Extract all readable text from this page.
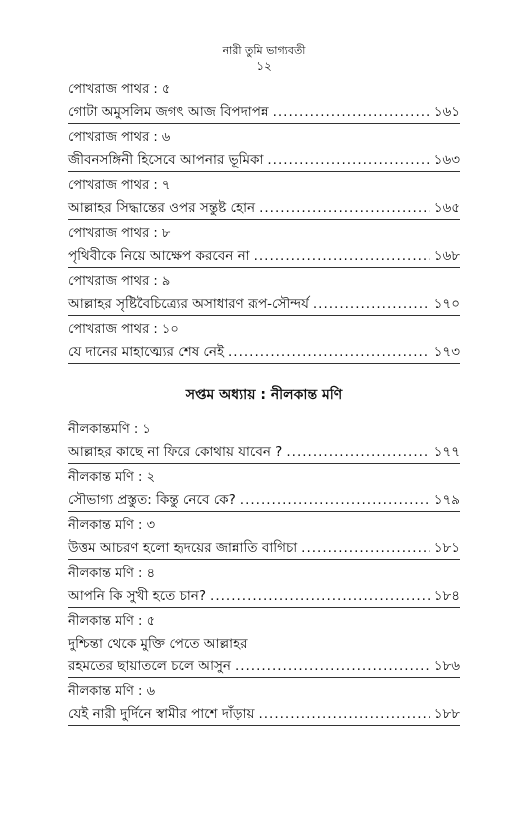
নারী তুমি ভাগ্যবতী
১২
পোখরাজ পাথর : ৫
গোটা অমুসলিম জগৎ আজ বিপদাপন্ন .....	১৬১
পোখরাজ পাথর : ৬
জীবনসঙ্গিনী হিসেবে আপনার ভূমিকা .....	১৬৩
পোখরাজ পাথর : ৭
আল্লাহর সিদ্ধান্তের ওপর সন্তুষ্ট হোন .....	১৬৫
পোখরাজ পাথর : ৮
পৃথিবীকে নিয়ে আক্ষেপ করবেন না .....	১৬৮
পোখরাজ পাথর : ৯
আল্লাহর সৃষ্টিবৈচিত্র্যের অসাধারণ রূপ-সৌন্দর্য .....	১৭০
পোখরাজ পাথর : ১০
যে দানের মাহাত্ম্যের শেষ নেই .....	১৭৩
সপ্তম অধ্যায় : নীলকান্ত মণি
নীলকান্তমণি : ১
আল্লাহর কাছে না ফিরে কোথায় যাবেন ? .....	১৭৭
নীলকান্ত মণি : ২
সৌভাগ্য প্রস্তুত: কিন্তু নেবে কে? .....	১৭৯
নীলকান্ত মণি : ৩
উত্তম আচরণ হলো হৃদয়ের জান্নাতি বাগিচা .....	১৮১
নীলকান্ত মণি : ৪
আপনি কি সুখী হতে চান? .....	১৮৪
নীলকান্ত মণি : ৫
দুশ্চিন্তা থেকে মুক্তি পেতে আল্লাহর
রহমতের ছায়াতলে চলে আসুন .....	১৮৬
নীলকান্ত মণি : ৬
যেই নারী দুর্দিনে স্বামীর পাশে দাঁড়ায় .....	১৮৮
